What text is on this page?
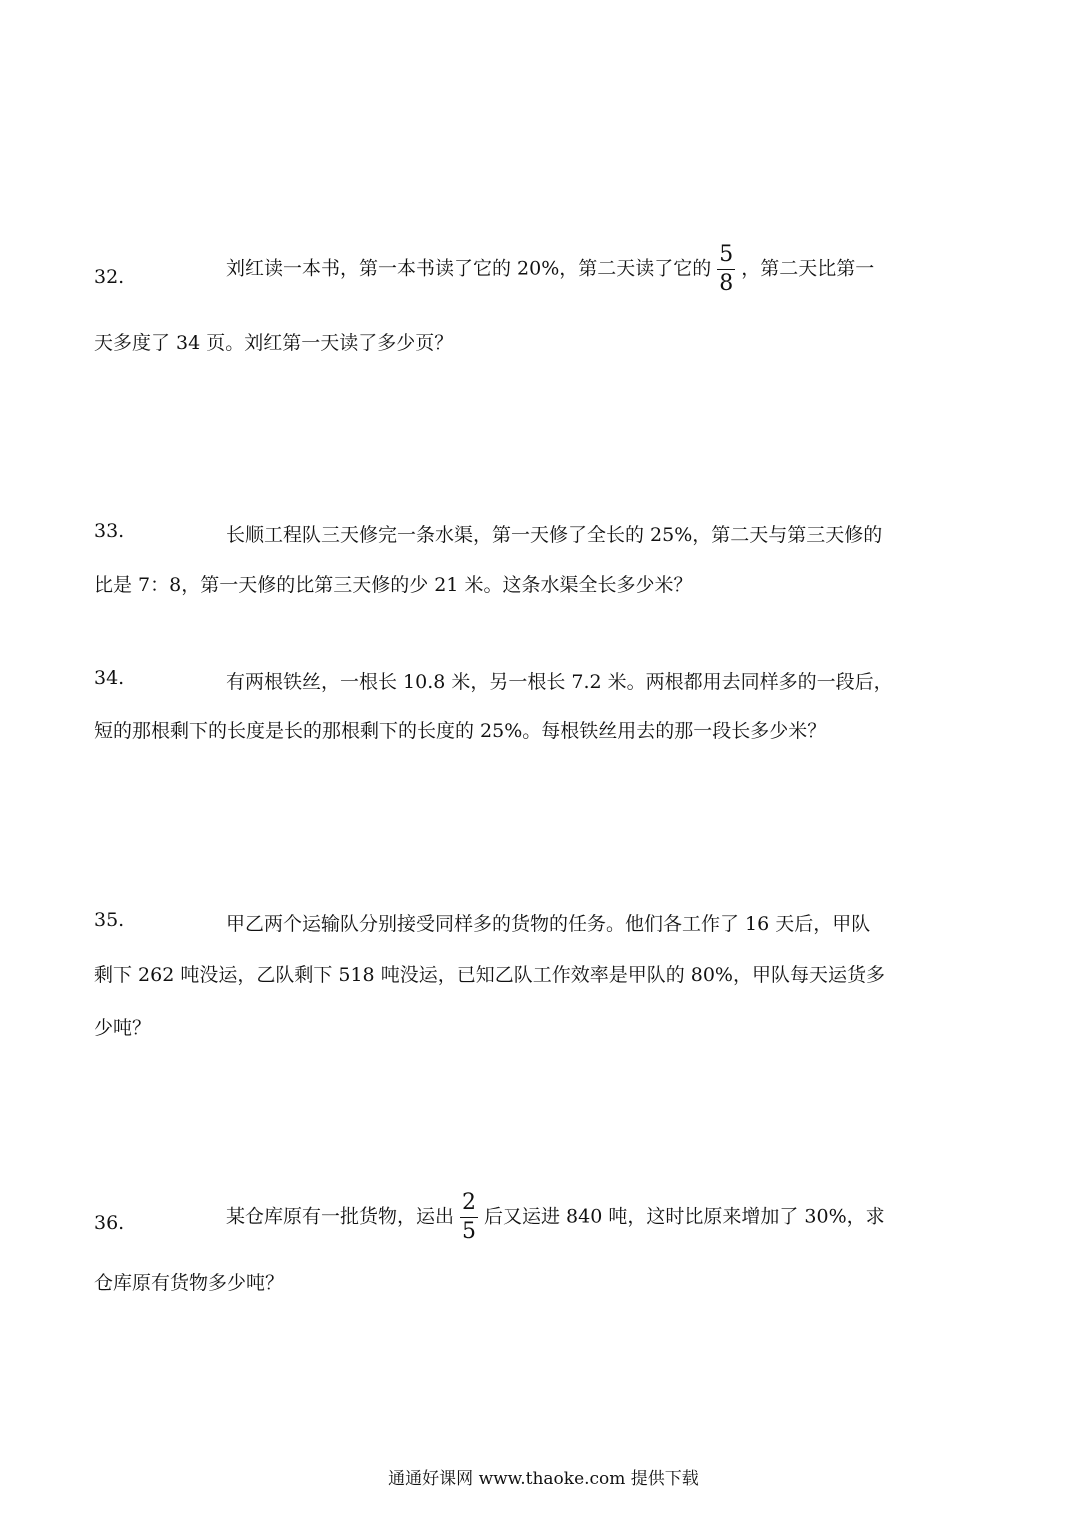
32.	刘红读一本书，第一本书读了它的 20%，第二天读了它的 $\frac{5}{8}$ ，第二天比第一
天多度了 34 页。刘红第一天读了多少页？
33.	长顺工程队三天修完一条水渠，第一天修了全长的 25%，第二天与第三天修的
比是 7：8，第一天修的比第三天修的少 21 米。这条水渠全长多少米？
34.	有两根铁丝，一根长 10.8 米，另一根长 7.2 米。两根都用去同样多的一段后，
短的那根剩下的长度是长的那根剩下的长度的 25%。每根铁丝用去的那一段长多少米？
35.	甲乙两个运输队分别接受同样多的货物的任务。他们各工作了 16 天后，甲队
剩下 262 吨没运，乙队剩下 518 吨没运，已知乙队工作效率是甲队的 80%，甲队每天运货多
少吨？
36.	某仓库原有一批货物，运出 $\frac{2}{5}$ 后又运进 840 吨，这时比原来增加了 30%，求
仓库原有货物多少吨？
通通好课网 www.thaoke.com 提供下载
